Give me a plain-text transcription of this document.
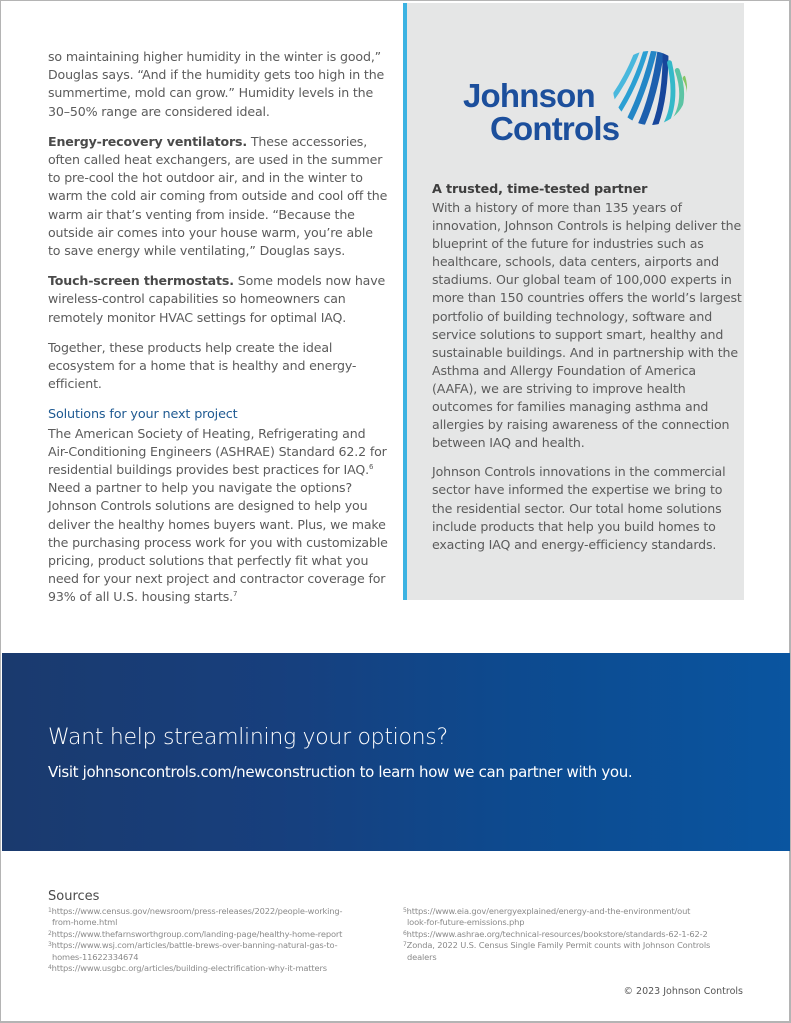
so maintaining higher humidity in the winter is good,” Douglas says. “And if the humidity gets too high in the summertime, mold can grow.” Humidity levels in the 30–50% range are considered ideal.

Energy-recovery ventilators. These accessories, often called heat exchangers, are used in the summer to pre-cool the hot outdoor air, and in the winter to warm the cold air coming from outside and cool off the warm air that’s venting from inside. “Because the outside air comes into your house warm, you’re able to save energy while ventilating,” Douglas says.

Touch-screen thermostats. Some models now have wireless-control capabilities so homeowners can remotely monitor HVAC settings for optimal IAQ.

Together, these products help create the ideal ecosystem for a home that is healthy and energy-efficient.

Solutions for your next project

The American Society of Heating, Refrigerating and Air-Conditioning Engineers (ASHRAE) Standard 62.2 for residential buildings provides best practices for IAQ.$^6$ Need a partner to help you navigate the options? Johnson Controls solutions are designed to help you deliver the healthy homes buyers want. Plus, we make the purchasing process work for you with customizable pricing, product solutions that perfectly fit what you need for your next project and contractor coverage for 93% of all U.S. housing starts.$^7$

Johnson
Controls
A trusted, time-tested partner

With a history of more than 135 years of innovation, Johnson Controls is helping deliver the blueprint of the future for industries such as healthcare, schools, data centers, airports and stadiums. Our global team of 100,000 experts in more than 150 countries offers the world’s largest portfolio of building technology, software and service solutions to support smart, healthy and sustainable buildings. And in partnership with the Asthma and Allergy Foundation of America (AAFA), we are striving to improve health outcomes for families managing asthma and allergies by raising awareness of the connection between IAQ and health.

Johnson Controls innovations in the commercial sector have informed the expertise we bring to the residential sector. Our total home solutions include products that help you build homes to exacting IAQ and energy-efficiency standards.

Want help streamlining your options?
Visit johnsoncontrols.com/newconstruction to learn how we can partner with you.
Sources
$^1$https://www.census.gov/newsroom/press-releases/2022/people-working-
from-home.html
$^2$https://www.thefarnsworthgroup.com/landing-page/healthy-home-report
$^3$https://www.wsj.com/articles/battle-brews-over-banning-natural-gas-to-
homes-11622334674
$^4$https://www.usgbc.org/articles/building-electrification-why-it-matters
$^5$https://www.eia.gov/energyexplained/energy-and-the-environment/out
look-for-future-emissions.php
$^6$https://www.ashrae.org/technical-resources/bookstore/standards-62-1-62-2
$^7$Zonda, 2022 U.S. Census Single Family Permit counts with Johnson Controls
dealers
© 2023 Johnson Controls
